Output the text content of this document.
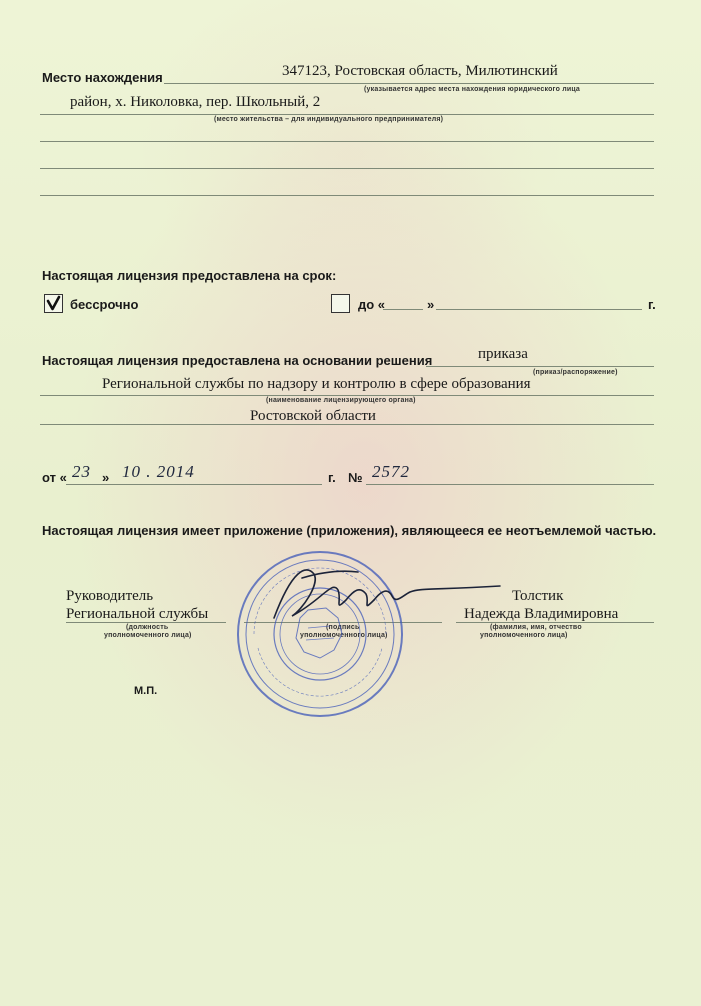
Место нахождения	347123, Ростовская область, Милютинский
(указывается адрес места нахождения юридического лица
район, х. Николовка, пер. Школьный, 2
(место жительства – для индивидуального предпринимателя)
Настоящая лицензия предоставлена на срок:
бессрочно	до «	»	г.
Настоящая лицензия предоставлена на основании решения	приказа
(приказ/распоряжение)
Региональной службы по надзору и контролю в сфере образования
(наименование лицензирующего органа)
Ростовской области
от « 23 » 10 . 2014	г. № 2572
Настоящая лицензия имеет приложение (приложения), являющееся ее неотъемлемой частью.
Руководитель
Региональной службы
(должность
уполномоченного лица)
(подпись
уполномоченного лица)
Толстик
Надежда Владимировна
(фамилия, имя, отчество
уполномоченного лица)
М.П.
